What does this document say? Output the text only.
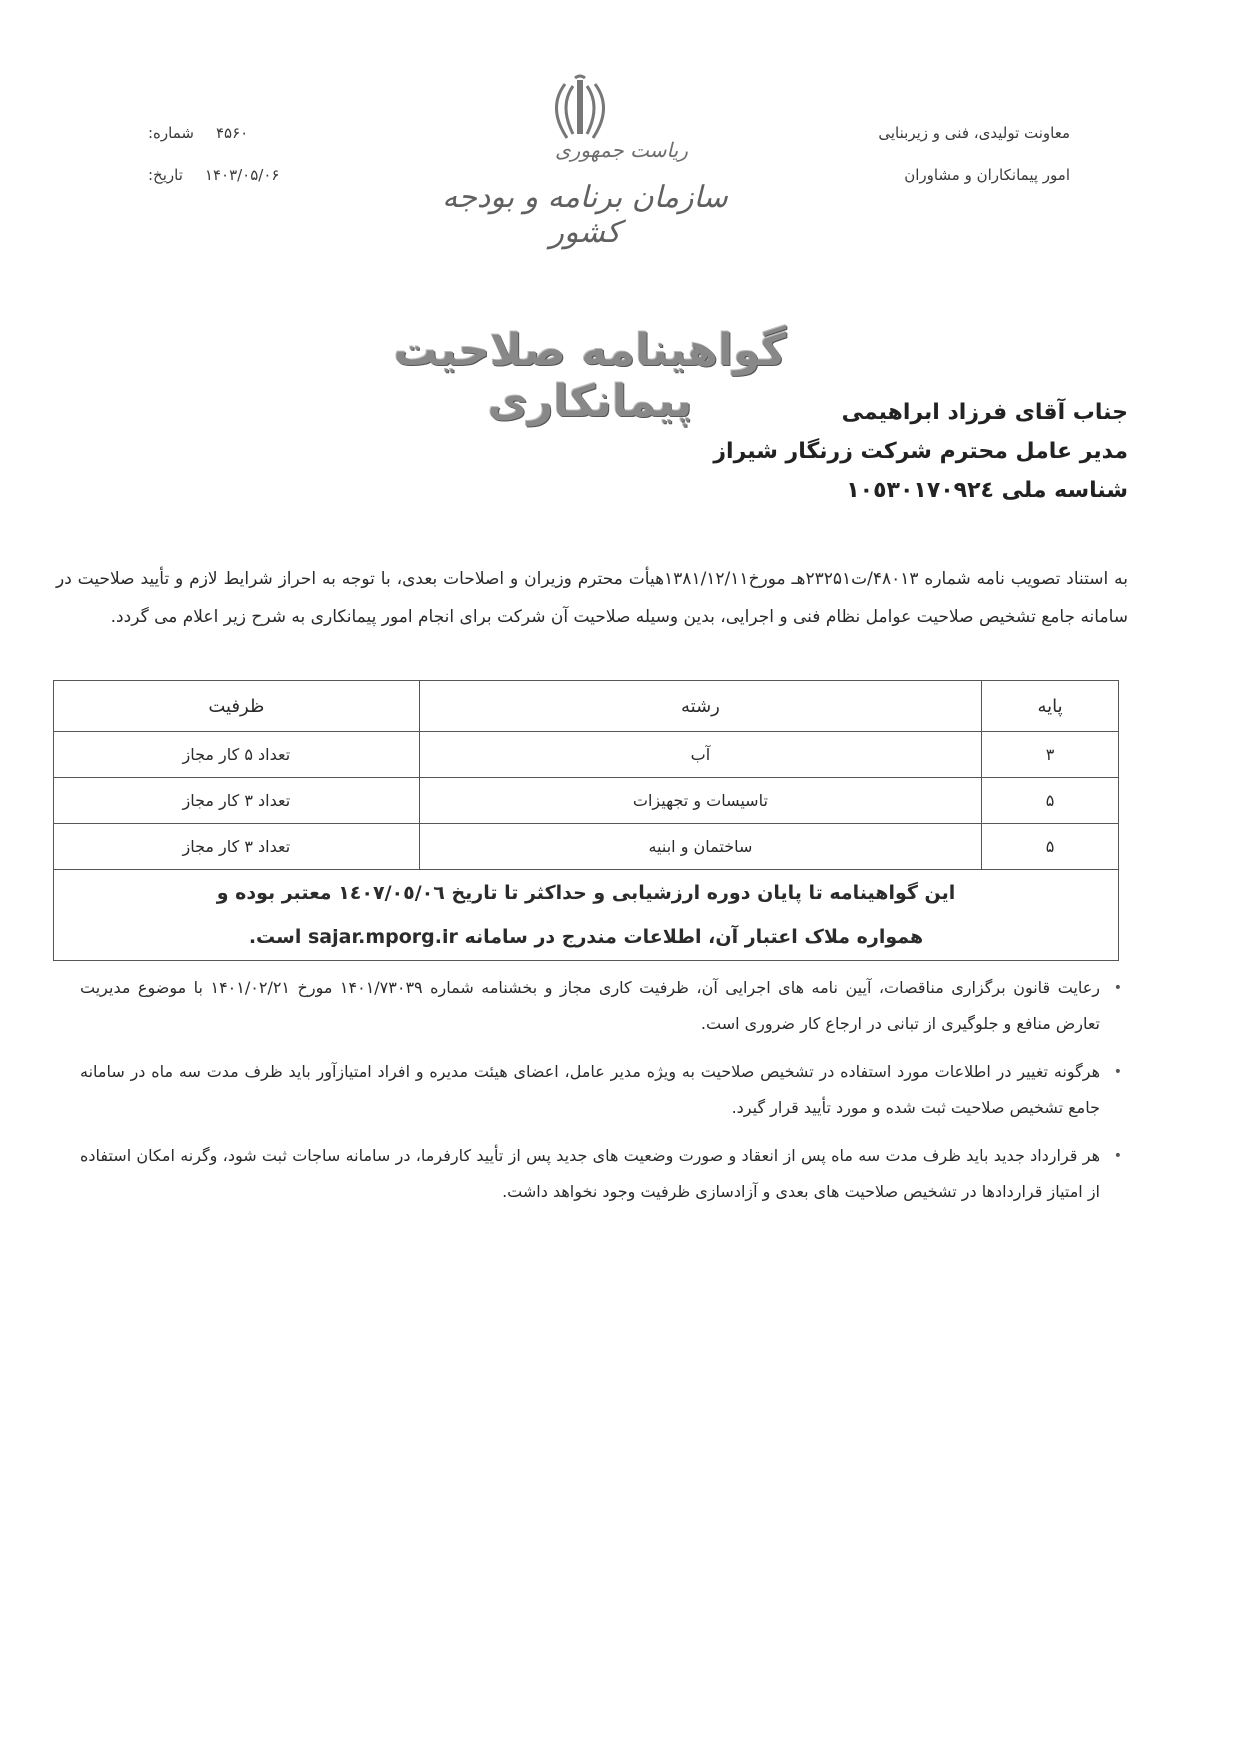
معاونت تولیدی، فنی و زیربنایی
امور پیمانکاران و مشاوران
شماره: ۴۵۶۰
تاریخ: ۱۴۰۳/۰۵/۰۶
ریاست جمهوری
سازمان برنامه و بودجه کشور
گواهینامه صلاحیت پیمانکاری	جناب آقای فرزاد ابراهیمی
مدیر عامل محترم شرکت زرنگار شیراز
شناسه ملی ١٠٥٣٠١٧٠٩٢٤
به استناد تصویب نامه شماره ۴۸۰۱۳/ت۲۳۲۵۱هـ مورخ۱۳۸۱/۱۲/۱۱هیأت محترم وزیران و اصلاحات بعدی، با توجه به احراز شرایط لازم و تأیید صلاحیت در سامانه جامع تشخیص صلاحیت عوامل نظام فنی و اجرایی، بدین وسیله صلاحیت آن شرکت برای انجام امور پیمانکاری به شرح زیر اعلام می گردد.
پایه	رشته	ظرفیت
۳	آب	تعداد ۵ کار مجاز
۵	تاسیسات و تجهیزات	تعداد ۳ کار مجاز
۵	ساختمان و ابنیه	تعداد ۳ کار مجاز

این گواهینامه تا پایان دوره ارزشیابی و حداکثر تا تاریخ ١٤٠٧/٠٥/٠٦ معتبر بوده و
همواره ملاک اعتبار آن، اطلاعات مندرج در سامانه sajar.mporg.ir است.		
•
رعایت قانون برگزاری مناقصات، آیین نامه های اجرایی آن، ظرفیت کاری مجاز و بخشنامه شماره ۱۴۰۱/۷۳۰۳۹ مورخ ۱۴۰۱/۰۲/۲۱ با موضوع مدیریت تعارض منافع و جلوگیری از تبانی در ارجاع کار ضروری است.
•
هرگونه تغییر در اطلاعات مورد استفاده در تشخیص صلاحیت به ویژه مدیر عامل، اعضای هیئت مدیره و افراد امتیازآور باید ظرف مدت سه ماه در سامانه جامع تشخیص صلاحیت ثبت شده و مورد تأیید قرار گیرد.
•
هر قرارداد جدید باید ظرف مدت سه ماه پس از انعقاد و صورت وضعیت های جدید پس از تأیید کارفرما، در سامانه ساجات ثبت شود، وگرنه امکان استفاده از امتیاز قراردادها در تشخیص صلاحیت های بعدی و آزادسازی ظرفیت وجود نخواهد داشت.
